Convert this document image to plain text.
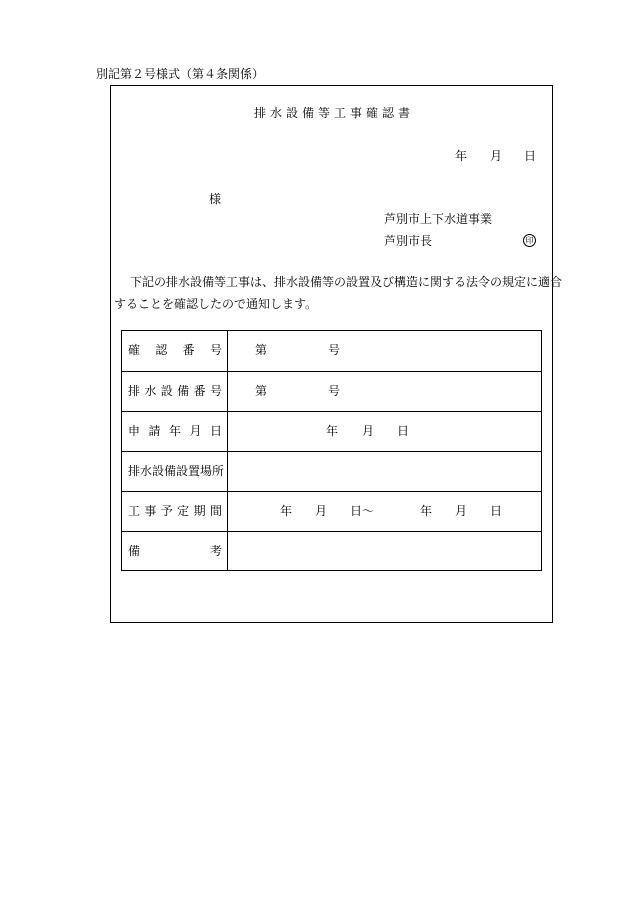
別記第２号様式（第４条関係）
排水設備等工事確認書
年 月 日
様
芦別市上下水道事業
芦別市長	印
下記の排水設備等工事は、排水設備等の設置及び構造に関する法令の規定に適合
することを確認したので通知します。
確 認 番 号	第	号
排 水 設 備 番 号	第	号
申 請 年 月 日	年 月 日
排水設備設置場所
工 事 予 定 期 間	年 月 日～	年 月 日
備	考
